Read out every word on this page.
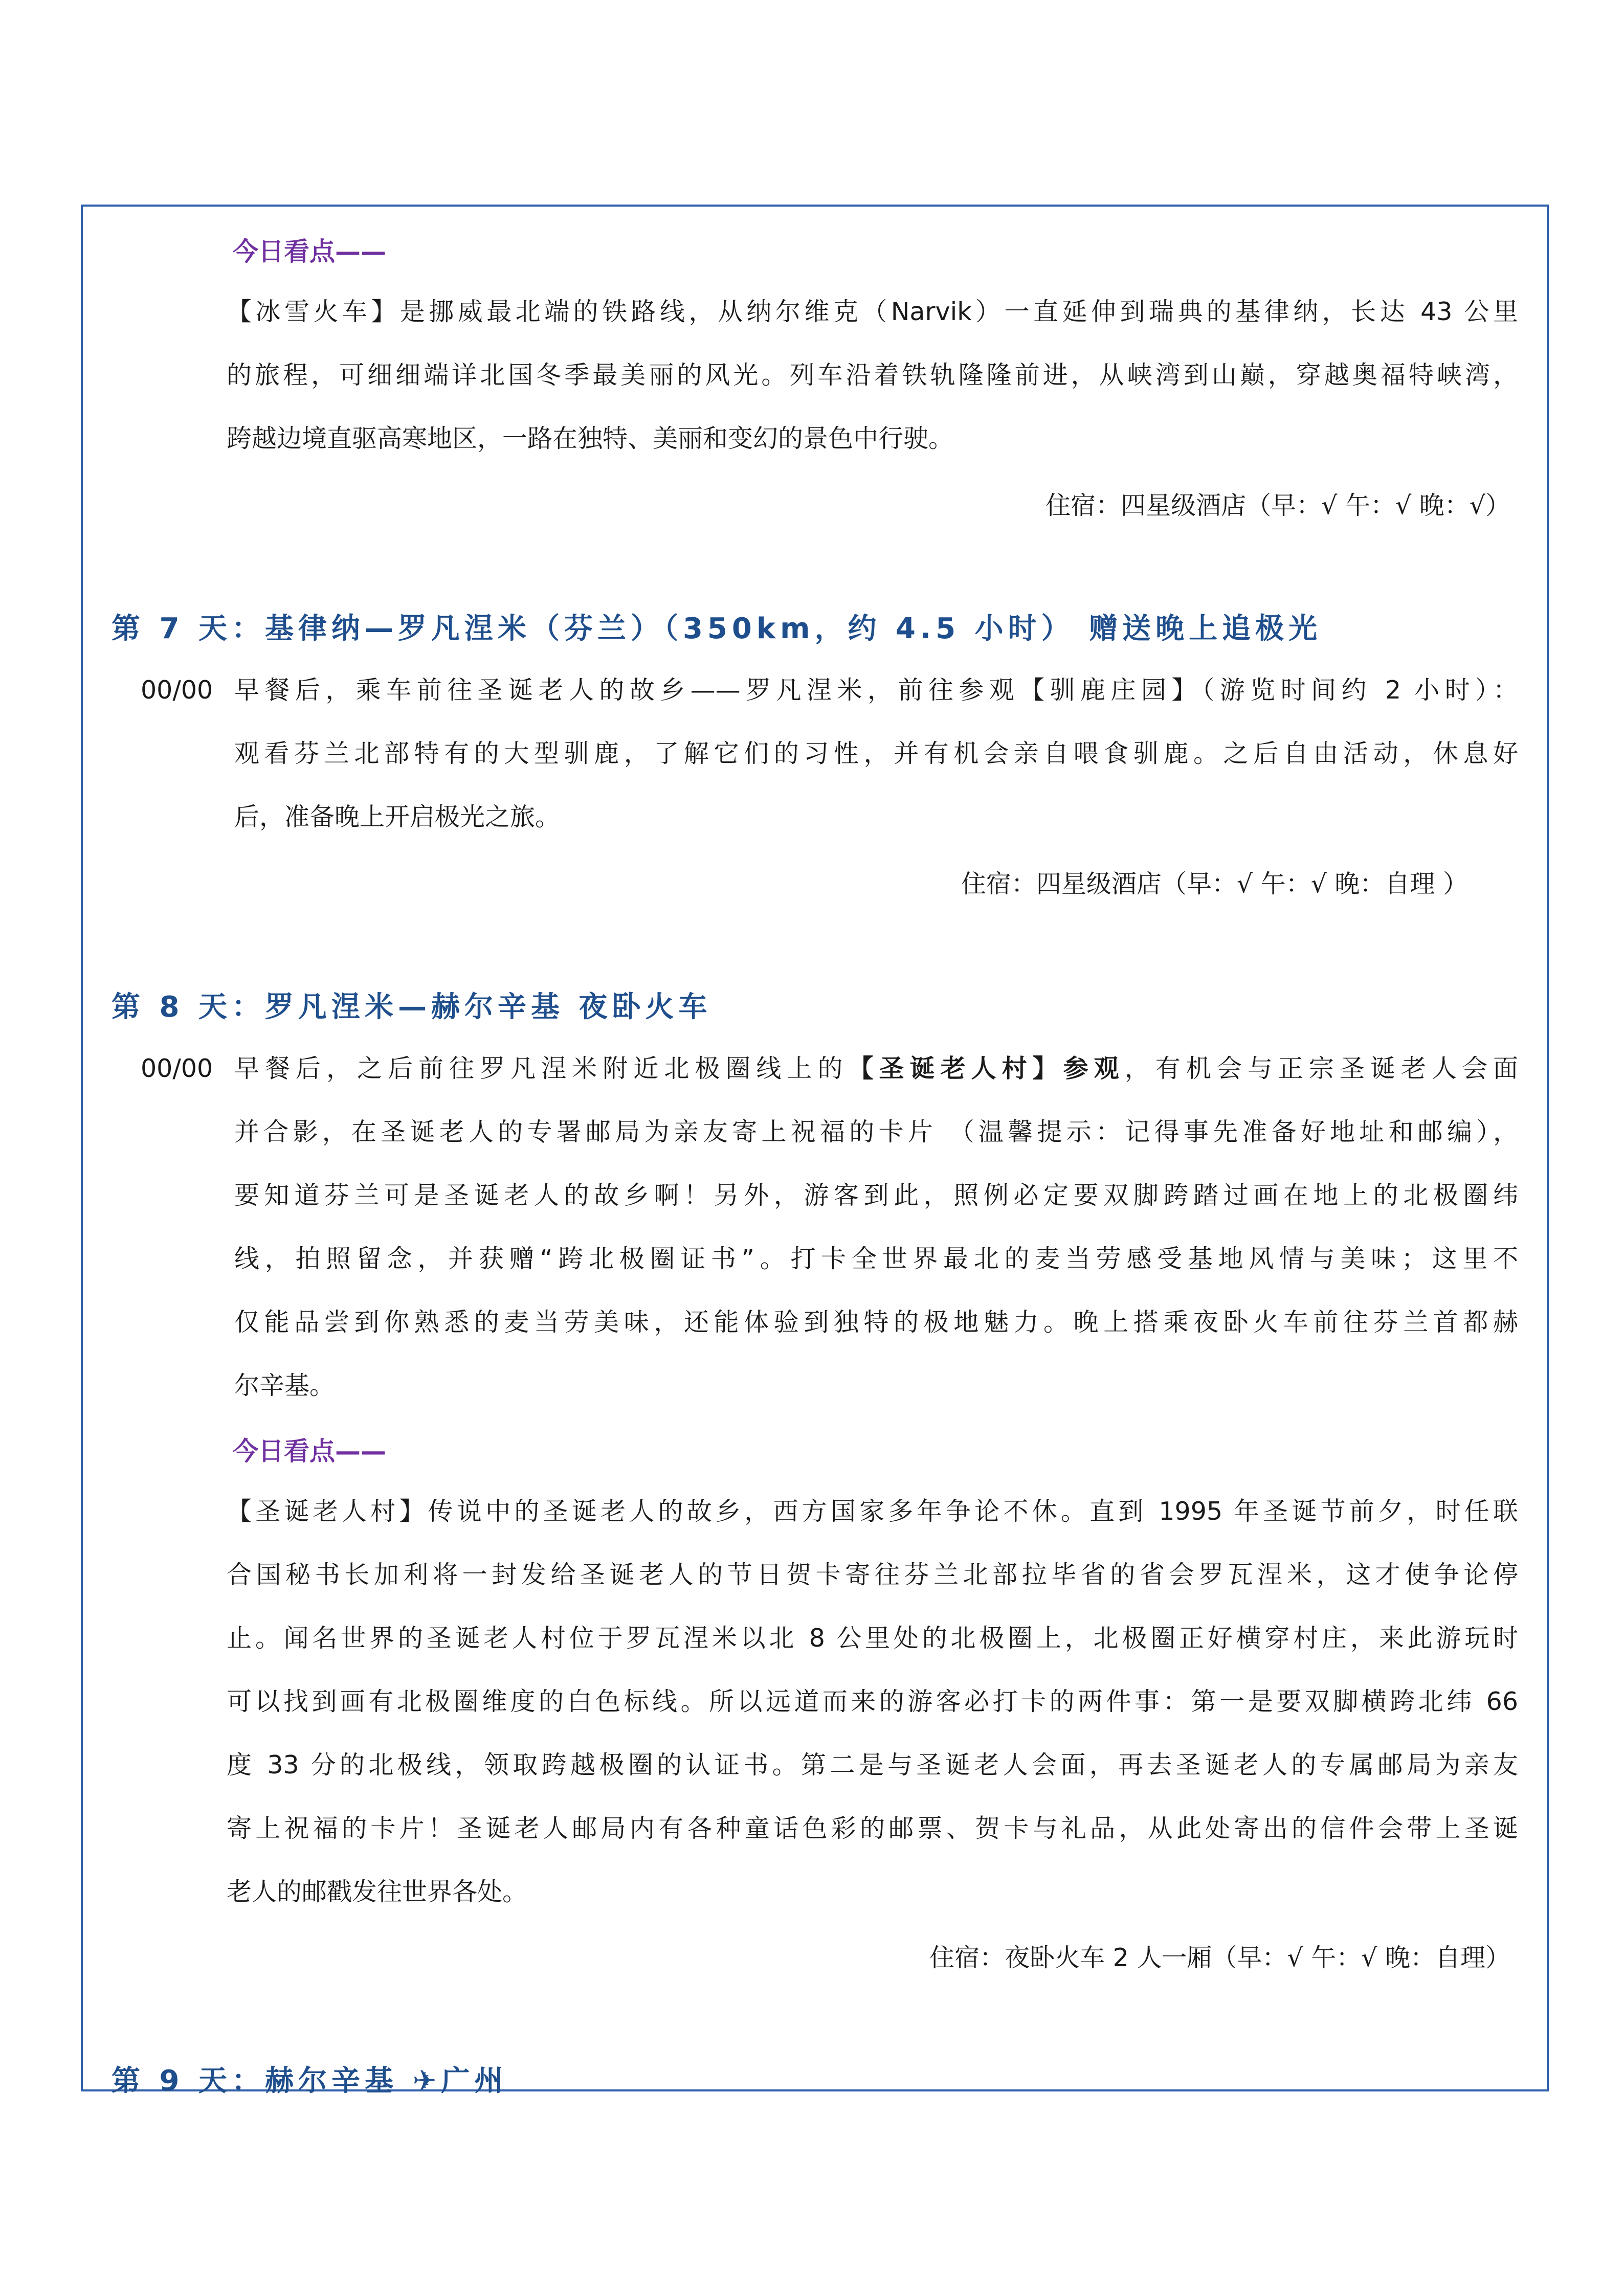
今日看点——
【冰雪火车】是挪威最北端的铁路线，从纳尔维克（Narvik）一直延伸到瑞典的基律纳，长达 43 公里
的旅程，可细细端详北国冬季最美丽的风光。列车沿着铁轨隆隆前进，从峡湾到山巅，穿越奥福特峡湾，
跨越边境直驱高寒地区，一路在独特、美丽和变幻的景色中行驶。
住宿：四星级酒店（早：√ 午：√ 晚：√）
第 7 天：基律纳—罗凡涅米（芬兰）（350km，约 4.5 小时） 赠送晚上追极光
00/00 早餐后，乘车前往圣诞老人的故乡——罗凡涅米，前往参观【驯鹿庄园】（游览时间约 2 小时）：
观看芬兰北部特有的大型驯鹿，了解它们的习性，并有机会亲自喂食驯鹿。之后自由活动，休息好
后，准备晚上开启极光之旅。
住宿：四星级酒店（早：√ 午：√ 晚：自理 ）
第 8 天：罗凡涅米—赫尔辛基 夜卧火车
00/00 早餐后，之后前往罗凡涅米附近北极圈线上的【圣诞老人村】参观，有机会与正宗圣诞老人会面
并合影，在圣诞老人的专署邮局为亲友寄上祝福的卡片 （温馨提示：记得事先准备好地址和邮编），
要知道芬兰可是圣诞老人的故乡啊！另外，游客到此，照例必定要双脚跨踏过画在地上的北极圈纬
线，拍照留念，并获赠“跨北极圈证书”。打卡全世界最北的麦当劳感受基地风情与美味；这里不
仅能品尝到你熟悉的麦当劳美味，还能体验到独特的极地魅力。晚上搭乘夜卧火车前往芬兰首都赫
尔辛基。
今日看点——
【圣诞老人村】传说中的圣诞老人的故乡，西方国家多年争论不休。直到 1995 年圣诞节前夕，时任联
合国秘书长加利将一封发给圣诞老人的节日贺卡寄往芬兰北部拉毕省的省会罗瓦涅米，这才使争论停
止。闻名世界的圣诞老人村位于罗瓦涅米以北 8 公里处的北极圈上，北极圈正好横穿村庄，来此游玩时
可以找到画有北极圈维度的白色标线。所以远道而来的游客必打卡的两件事：第一是要双脚横跨北纬 66
度 33 分的北极线，领取跨越极圈的认证书。第二是与圣诞老人会面，再去圣诞老人的专属邮局为亲友
寄上祝福的卡片！圣诞老人邮局内有各种童话色彩的邮票、贺卡与礼品，从此处寄出的信件会带上圣诞
老人的邮戳发往世界各处。
住宿：夜卧火车 2 人一厢（早：√ 午：√ 晚：自理）
第 9 天：赫尔辛基 ✈广州
